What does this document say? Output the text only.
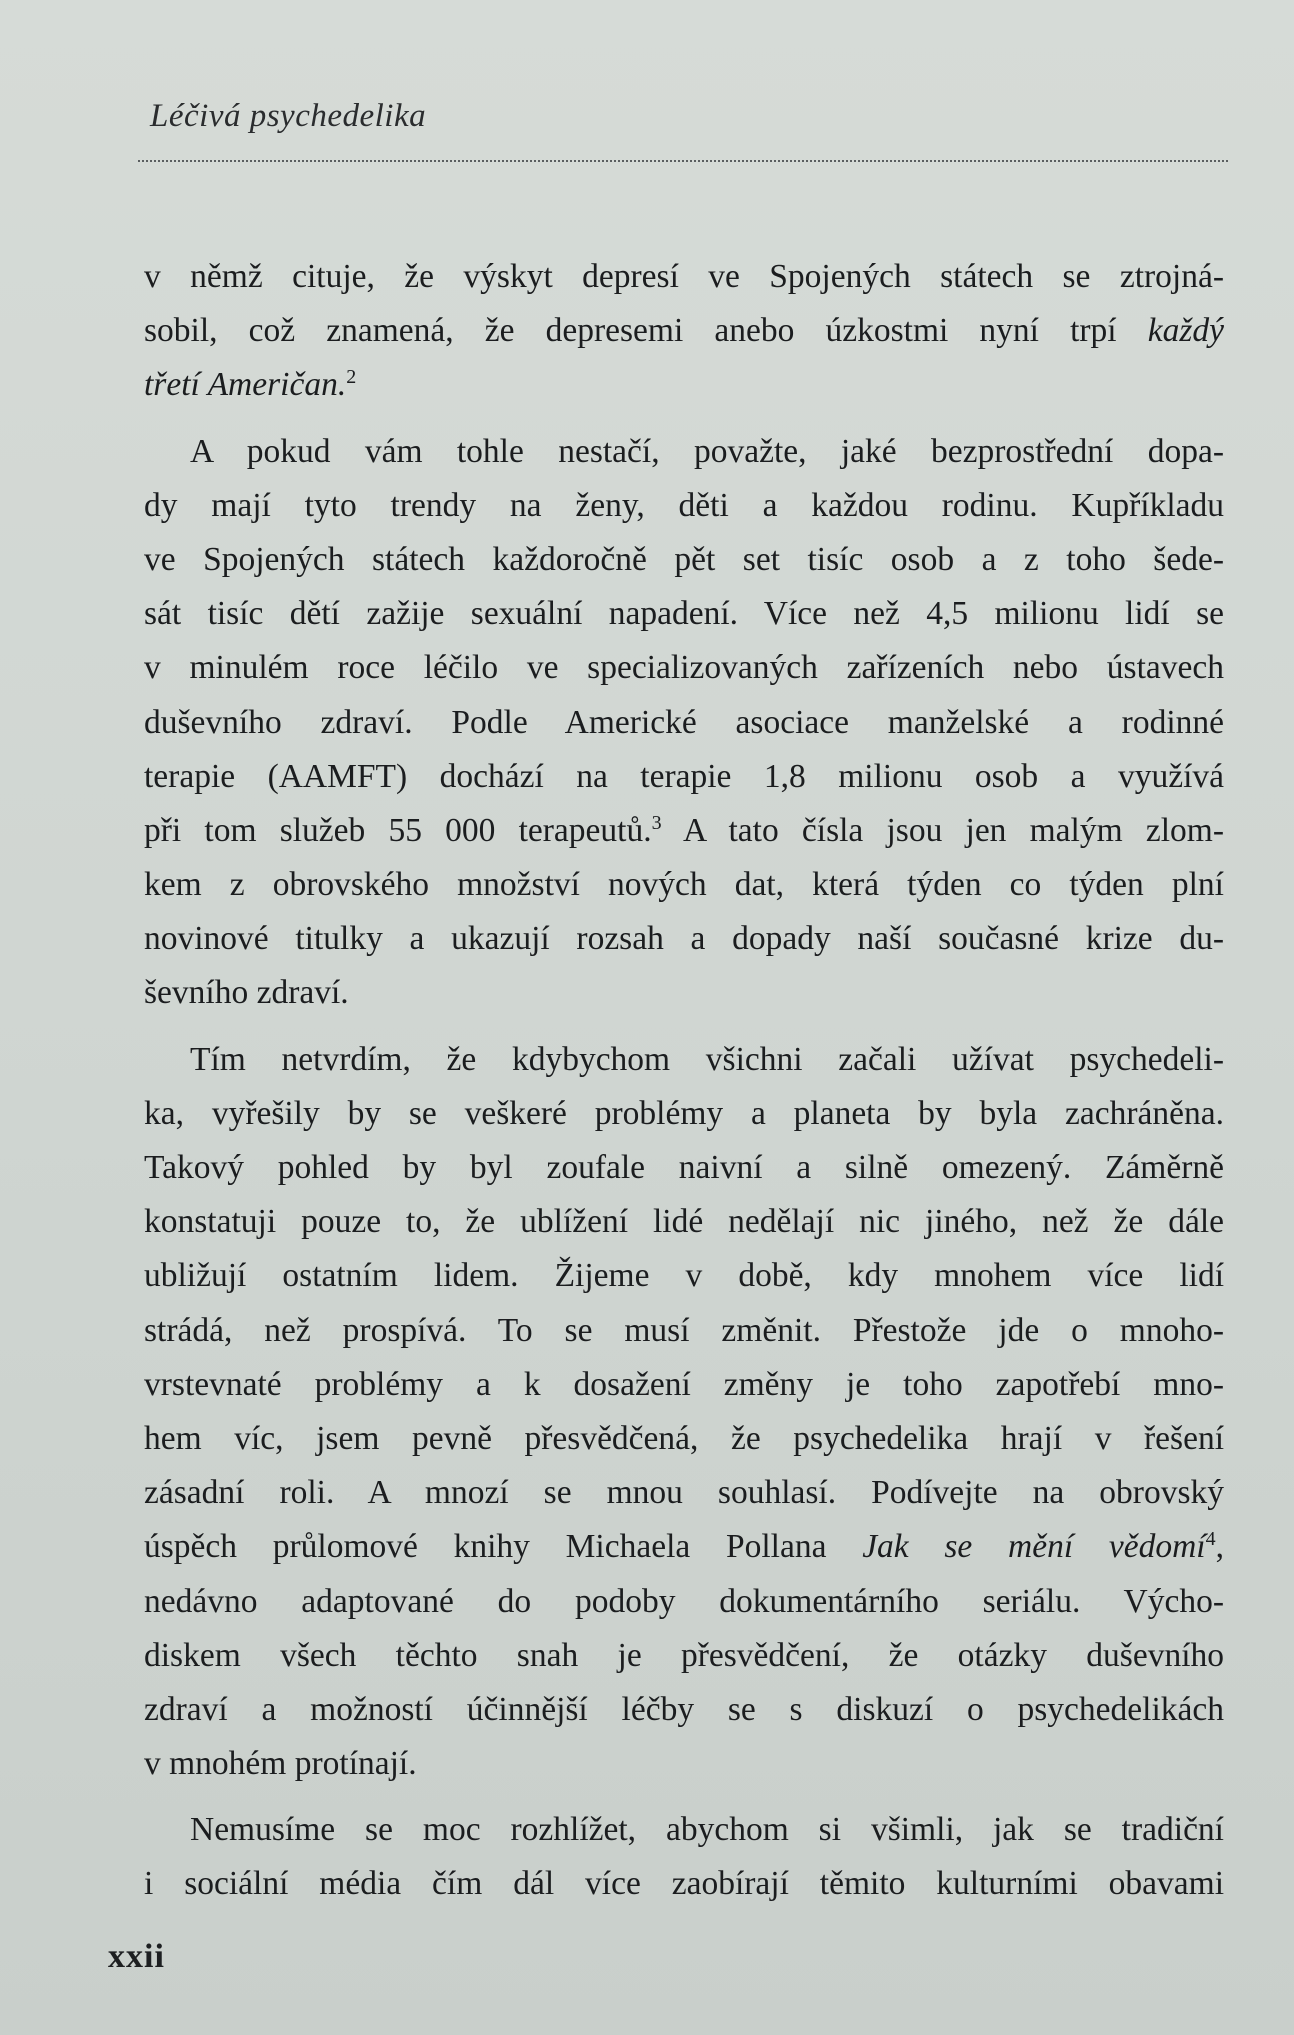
Léčivá psychedelika
v němž cituje, že výskyt depresí ve Spojených státech se ztrojná-
sobil, což znamená, že depresemi anebo úzkostmi nyní trpí každý
třetí Američan.$^2$
A pokud vám tohle nestačí, považte, jaké bezprostřední dopa-
dy mají tyto trendy na ženy, děti a každou rodinu. Kupříkladu
ve Spojených státech každoročně pět set tisíc osob a z toho šede-
sát tisíc dětí zažije sexuální napadení. Více než 4,5 milionu lidí se
v minulém roce léčilo ve specializovaných zařízeních nebo ústavech
duševního zdraví. Podle Americké asociace manželské a rodinné
terapie (AAMFT) dochází na terapie 1,8 milionu osob a využívá
při tom služeb 55 000 terapeutů.$^3$ A tato čísla jsou jen malým zlom-
kem z obrovského množství nových dat, která týden co týden plní
novinové titulky a ukazují rozsah a dopady naší současné krize du-
ševního zdraví.
Tím netvrdím, že kdybychom všichni začali užívat psychedeli-
ka, vyřešily by se veškeré problémy a planeta by byla zachráněna.
Takový pohled by byl zoufale naivní a silně omezený. Záměrně
konstatuji pouze to, že ublížení lidé nedělají nic jiného, než že dále
ubližují ostatním lidem. Žijeme v době, kdy mnohem více lidí
strádá, než prospívá. To se musí změnit. Přestože jde o mnoho-
vrstevnaté problémy a k dosažení změny je toho zapotřebí mno-
hem víc, jsem pevně přesvědčená, že psychedelika hrají v řešení
zásadní roli. A mnozí se mnou souhlasí. Podívejte na obrovský
úspěch průlomové knihy Michaela Pollana Jak se mění vědomí$^4$,
nedávno adaptované do podoby dokumentárního seriálu. Výcho-
diskem všech těchto snah je přesvědčení, že otázky duševního
zdraví a možností účinnější léčby se s diskuzí o psychedelikách
v mnohém protínají.
Nemusíme se moc rozhlížet, abychom si všimli, jak se tradiční
i sociální média čím dál více zaobírají těmito kulturními obavami
xxii
